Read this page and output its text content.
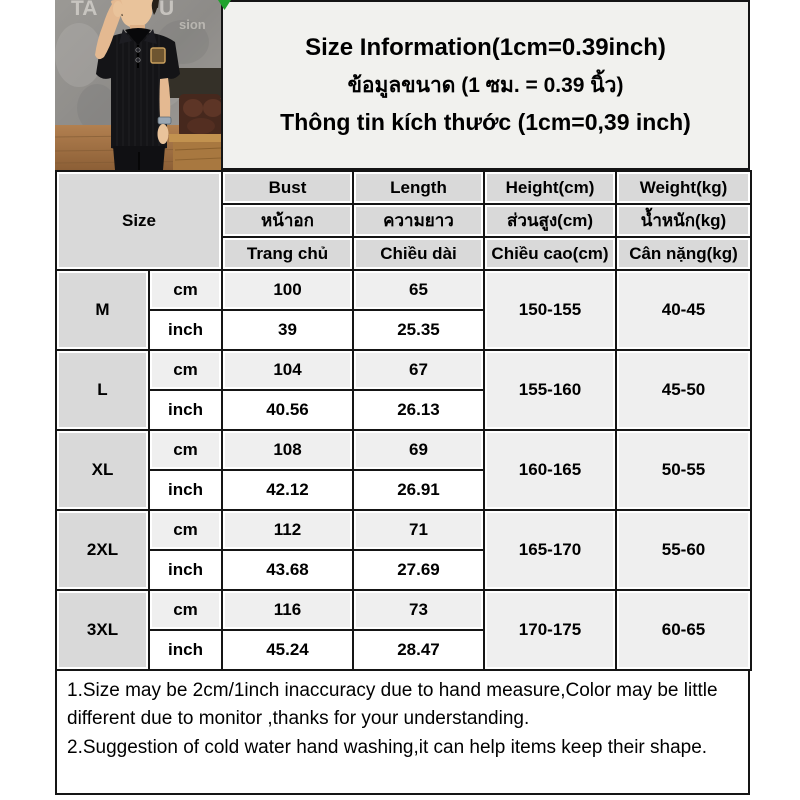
TA	U
sion
Size Information(1cm=0.39inch)
ข้อมูลขนาด (1 ซม. = 0.39 นิ้ว)
Thông tin kích thước (1cm=0,39 inch)
Size		Bust	Length	Height(cm)	Weight(kg)
		หน้าอก	ความยาว	ส่วนสูง(cm)	น้ำหนัก(kg)
		Trang chủ	Chiều dài	Chiều cao(cm)	Cân nặng(kg)
M	cm	100	65	150-155	40-45
	inch	39	25.35		
L	cm	104	67	155-160	45-50
	inch	40.56	26.13		
XL	cm	108	69	160-165	50-55
	inch	42.12	26.91		
2XL	cm	112	71	165-170	55-60
	inch	43.68	27.69		
3XL	cm	116	73	170-175	60-65
	inch	45.24	28.47		
1.Size may be 2cm/1inch inaccuracy due to hand measure,Color may be little different due to monitor ,thanks for your understanding.
2.Suggestion of cold water hand washing,it can help items keep their shape.
